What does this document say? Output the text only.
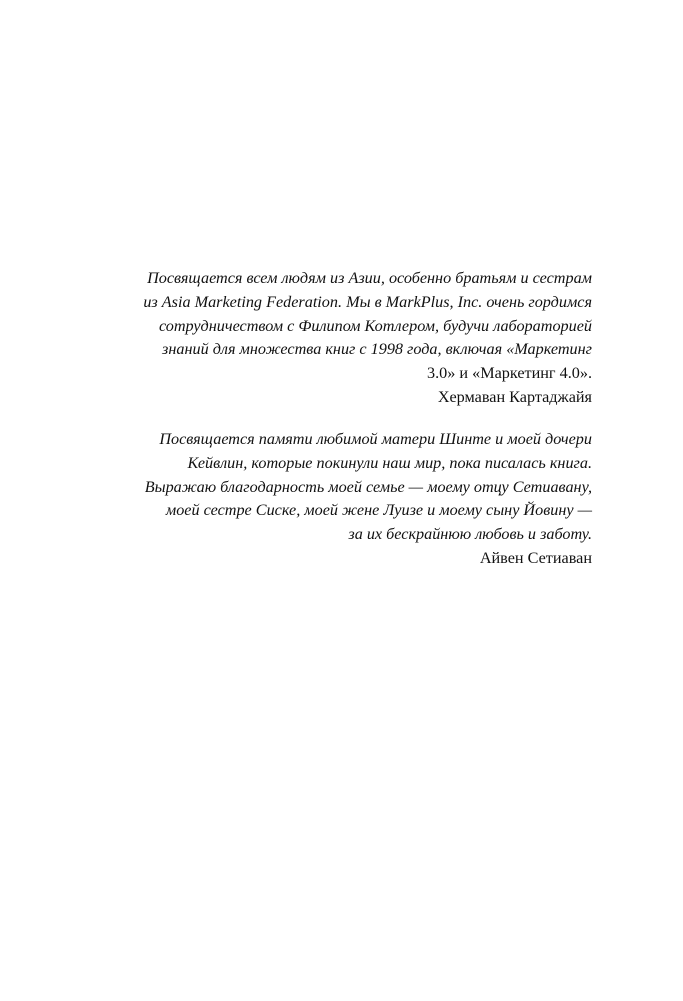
Посвящается всем людям из Азии, особенно братьям и сестрам
из Asia Marketing Federation. Мы в MarkPlus, Inc. очень гордимся
сотрудничеством с Филипом Котлером, будучи лабораторией
знаний для множества книг с 1998 года, включая «Маркетинг
3.0» и «Маркетинг 4.0».
Хермаван Картаджайя
Посвящается памяти любимой матери Шинте и моей дочери
Кейвлин, которые покинули наш мир, пока писалась книга.
Выражаю благодарность моей семье — моему отцу Сетиавану,
моей сестре Сиске, моей жене Луизе и моему сыну Йовину —
за их бескрайнюю любовь и заботу.
Айвен Сетиаван
